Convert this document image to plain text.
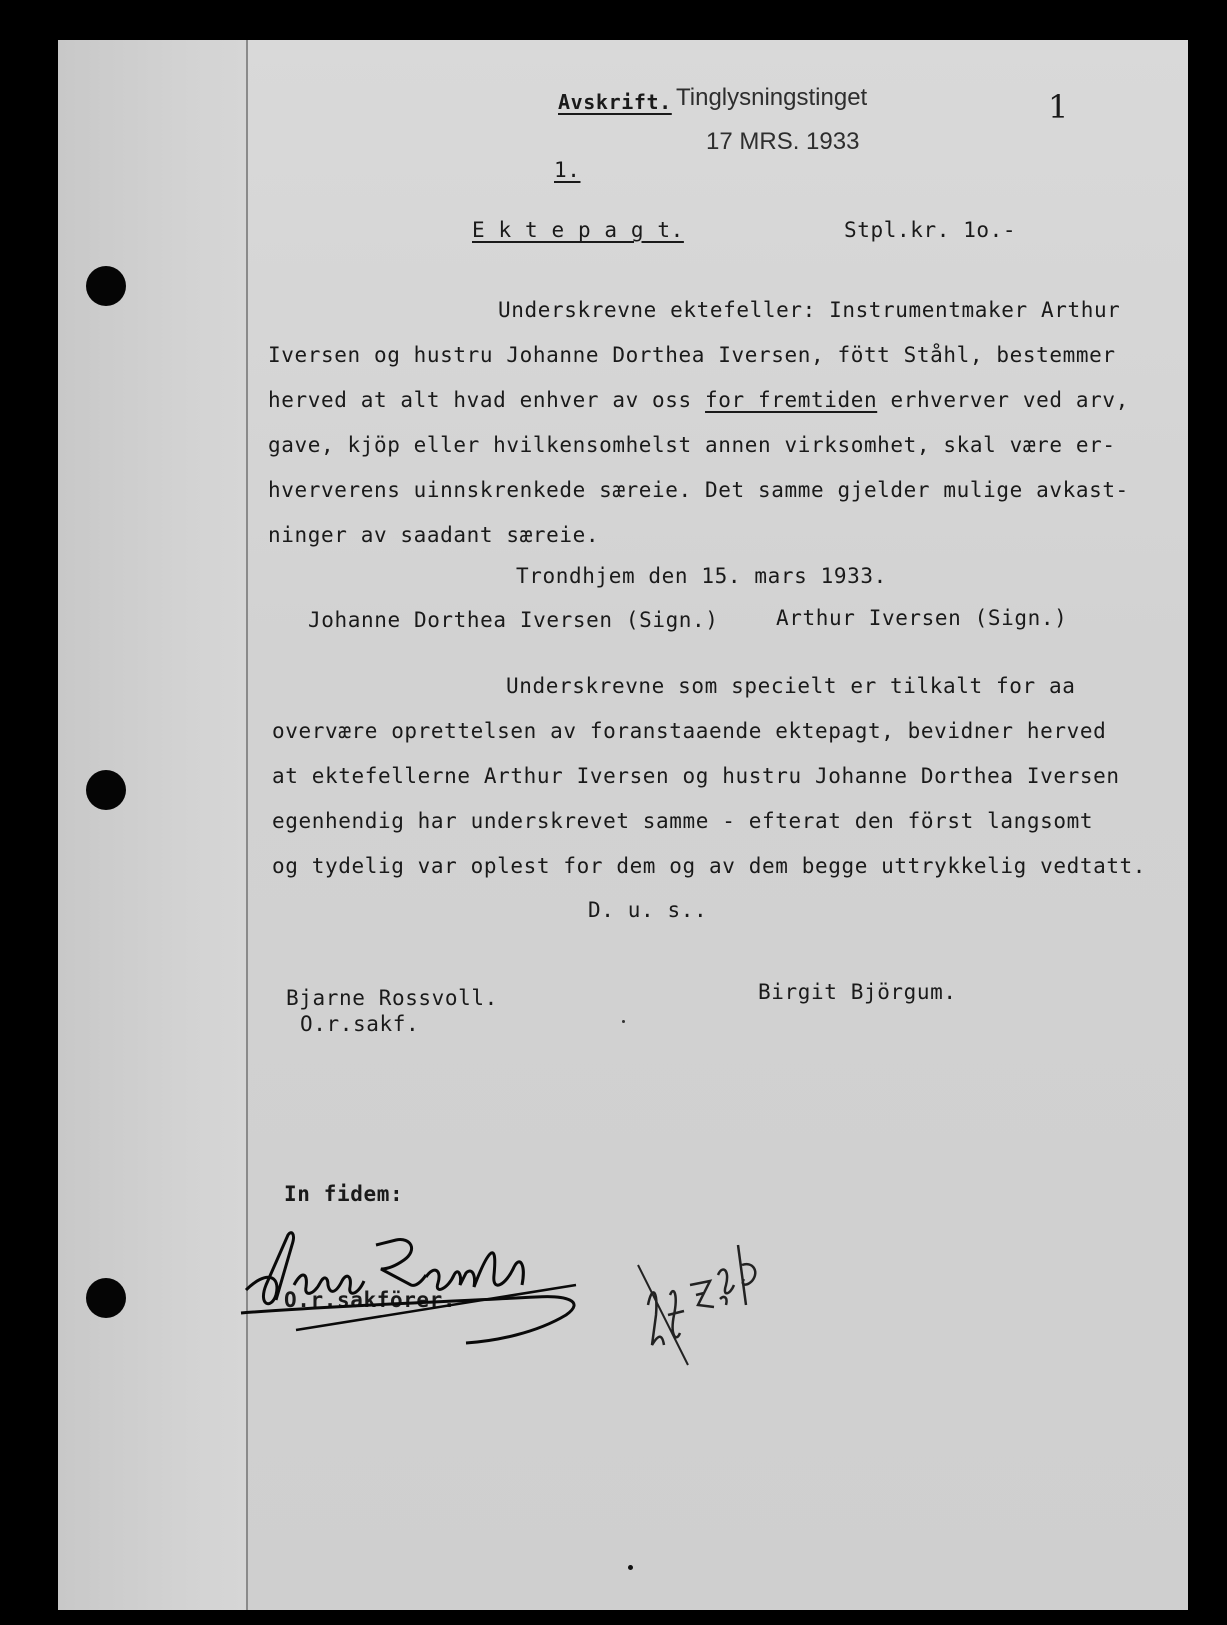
Avskrift. Tinglysningstinget
17 MRS. 1933
1
1.
E k t e p a g t.	Stpl.kr. 1o.-
Underskrevne ektefeller: Instrumentmaker Arthur
Iversen og hustru Johanne Dorthea Iversen, fött Ståhl, bestemmer
herved at alt hvad enhver av oss for fremtiden erhverver ved arv,
gave, kjöp eller hvilkensomhelst annen virksomhet, skal være er-
hververens uinnskrenkede særeie. Det samme gjelder mulige avkast-
ninger av saadant særeie.
Trondhjem den 15. mars 1933.
Johanne Dorthea Iversen (Sign.)	Arthur Iversen (Sign.)
Underskrevne som specielt er tilkalt for aa
overvære oprettelsen av foranstaaende ektepagt, bevidner herved
at ektefellerne Arthur Iversen og hustru Johanne Dorthea Iversen
egenhendig har underskrevet samme - efterat den först langsomt
og tydelig var oplest for dem og av dem begge uttrykkelig vedtatt.
D. u. s..
Bjarne Rossvoll.
O.r.sakf.
Birgit Björgum.
In fidem:
O.r.sakförer.
